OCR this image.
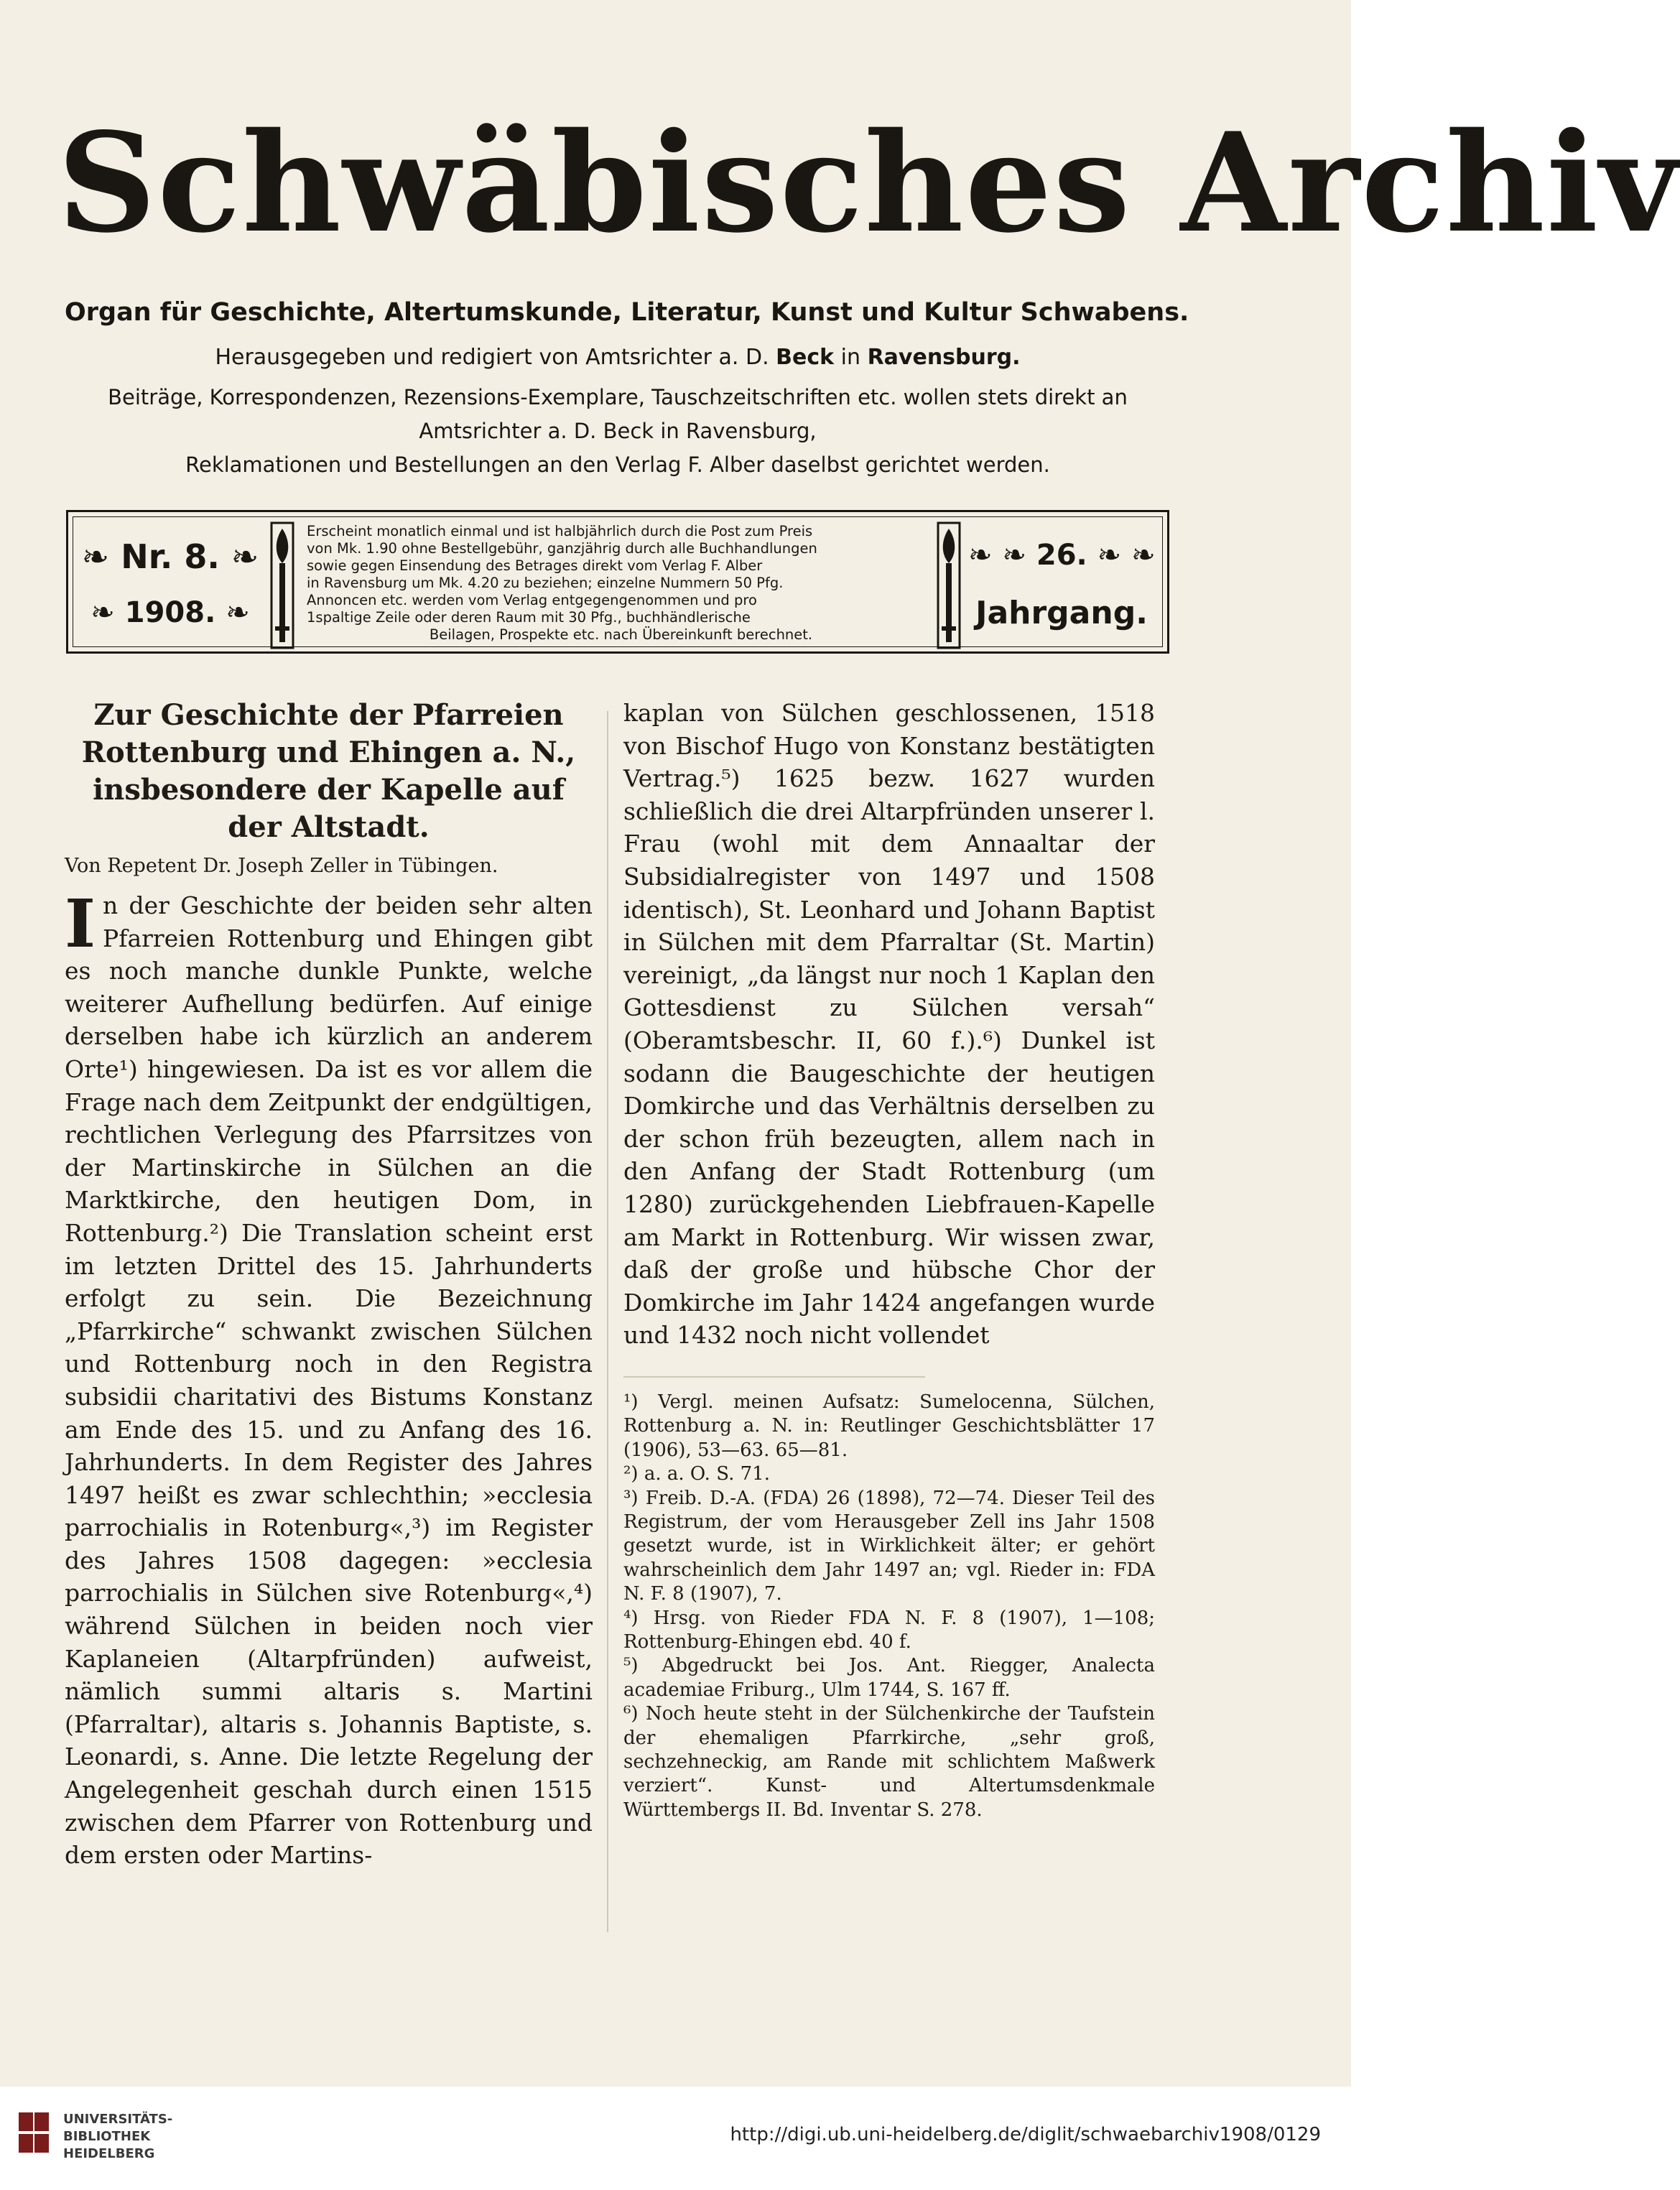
Schwäbisches Archiv
Organ für Geschichte, Altertumskunde, Literatur, Kunst und Kultur Schwabens.
Herausgegeben und redigiert von Amtsrichter a. D. Beck in Ravensburg.
Beiträge, Korrespondenzen, Rezensions-Exemplare, Tauschzeitschriften etc. wollen stets direkt an
Amtsrichter a. D. Beck in Ravensburg,
Reklamationen und Bestellungen an den Verlag F. Alber daselbst gerichtet werden.
❧ Nr. 8. ❧
❧ 1908. ❧
Erscheint monatlich einmal und ist halbjährlich durch die Post zum Preis
von Mk. 1.90 ohne Bestellgebühr, ganzjährig durch alle Buchhandlungen
sowie gegen Einsendung des Betrages direkt vom Verlag F. Alber
in Ravensburg um Mk. 4.20 zu beziehen; einzelne Nummern 50 Pfg.
Annoncen etc. werden vom Verlag entgegengenommen und pro
1spaltige Zeile oder deren Raum mit 30 Pfg., buchhändlerische
Beilagen, Prospekte etc. nach Übereinkunft berechnet.
❧ ❧ 26. ❧ ❧
Jahrgang.
Zur Geschichte der Pfarreien Rottenburg und Ehingen a. N., insbesondere der Kapelle auf der Altstadt.
Von Repetent Dr. Joseph Zeller in Tübingen.

In der Geschichte der beiden sehr alten Pfarreien Rottenburg und Ehingen gibt es noch manche dunkle Punkte, welche weiterer Aufhellung bedürfen. Auf einige derselben habe ich kürzlich an anderem Orte¹) hingewiesen. Da ist es vor allem die Frage nach dem Zeitpunkt der endgültigen, rechtlichen Verlegung des Pfarrsitzes von der Martinskirche in Sülchen an die Marktkirche, den heutigen Dom, in Rottenburg.²) Die Translation scheint erst im letzten Drittel des 15. Jahrhunderts erfolgt zu sein. Die Bezeichnung „Pfarrkirche“ schwankt zwischen Sülchen und Rottenburg noch in den Registra subsidii charitativi des Bistums Konstanz am Ende des 15. und zu Anfang des 16. Jahrhunderts. In dem Register des Jahres 1497 heißt es zwar schlechthin; »ecclesia parrochialis in Rotenburg«,³) im Register des Jahres 1508 dagegen: »ecclesia parrochialis in Sülchen sive Rotenburg«,⁴) während Sülchen in beiden noch vier Kaplaneien (Altarpfründen) aufweist, nämlich summi altaris s. Martini (Pfarraltar), altaris s. Johannis Baptiste, s. Leonardi, s. Anne. Die letzte Regelung der Angelegenheit geschah durch einen 1515 zwischen dem Pfarrer von Rottenburg und dem ersten oder Martins-

kaplan von Sülchen geschlossenen, 1518 von Bischof Hugo von Konstanz bestätigten Vertrag.⁵) 1625 bezw. 1627 wurden schließlich die drei Altarpfründen unserer l. Frau (wohl mit dem Annaaltar der Subsidialregister von 1497 und 1508 identisch), St. Leonhard und Johann Baptist in Sülchen mit dem Pfarraltar (St. Martin) vereinigt, „da längst nur noch 1 Kaplan den Gottesdienst zu Sülchen versah“ (Oberamtsbeschr. II, 60 f.).⁶) Dunkel ist sodann die Baugeschichte der heutigen Domkirche und das Verhältnis derselben zu der schon früh bezeugten, allem nach in den Anfang der Stadt Rottenburg (um 1280) zurückgehenden Liebfrauen-Kapelle am Markt in Rottenburg. Wir wissen zwar, daß der große und hübsche Chor der Domkirche im Jahr 1424 angefangen wurde und 1432 noch nicht vollendet

¹) Vergl. meinen Aufsatz: Sumelocenna, Sülchen, Rottenburg a. N. in: Reutlinger Geschichtsblätter 17 (1906), 53—63. 65—81.

²) a. a. O. S. 71.

³) Freib. D.-A. (FDA) 26 (1898), 72—74. Dieser Teil des Registrum, der vom Herausgeber Zell ins Jahr 1508 gesetzt wurde, ist in Wirklichkeit älter; er gehört wahrscheinlich dem Jahr 1497 an; vgl. Rieder in: FDA N. F. 8 (1907), 7.

⁴) Hrsg. von Rieder FDA N. F. 8 (1907), 1—108; Rottenburg-Ehingen ebd. 40 f.

⁵) Abgedruckt bei Jos. Ant. Riegger, Analecta academiae Friburg., Ulm 1744, S. 167 ff.

⁶) Noch heute steht in der Sülchenkirche der Taufstein der ehemaligen Pfarrkirche, „sehr groß, sechzehneckig, am Rande mit schlichtem Maßwerk verziert“. Kunst- und Altertumsdenkmale Württembergs II. Bd. Inventar S. 278.

UNIVERSITÄTS-
BIBLIOTHEK
HEIDELBERG
http://digi.ub.uni-heidelberg.de/diglit/schwaebarchiv1908/0129
